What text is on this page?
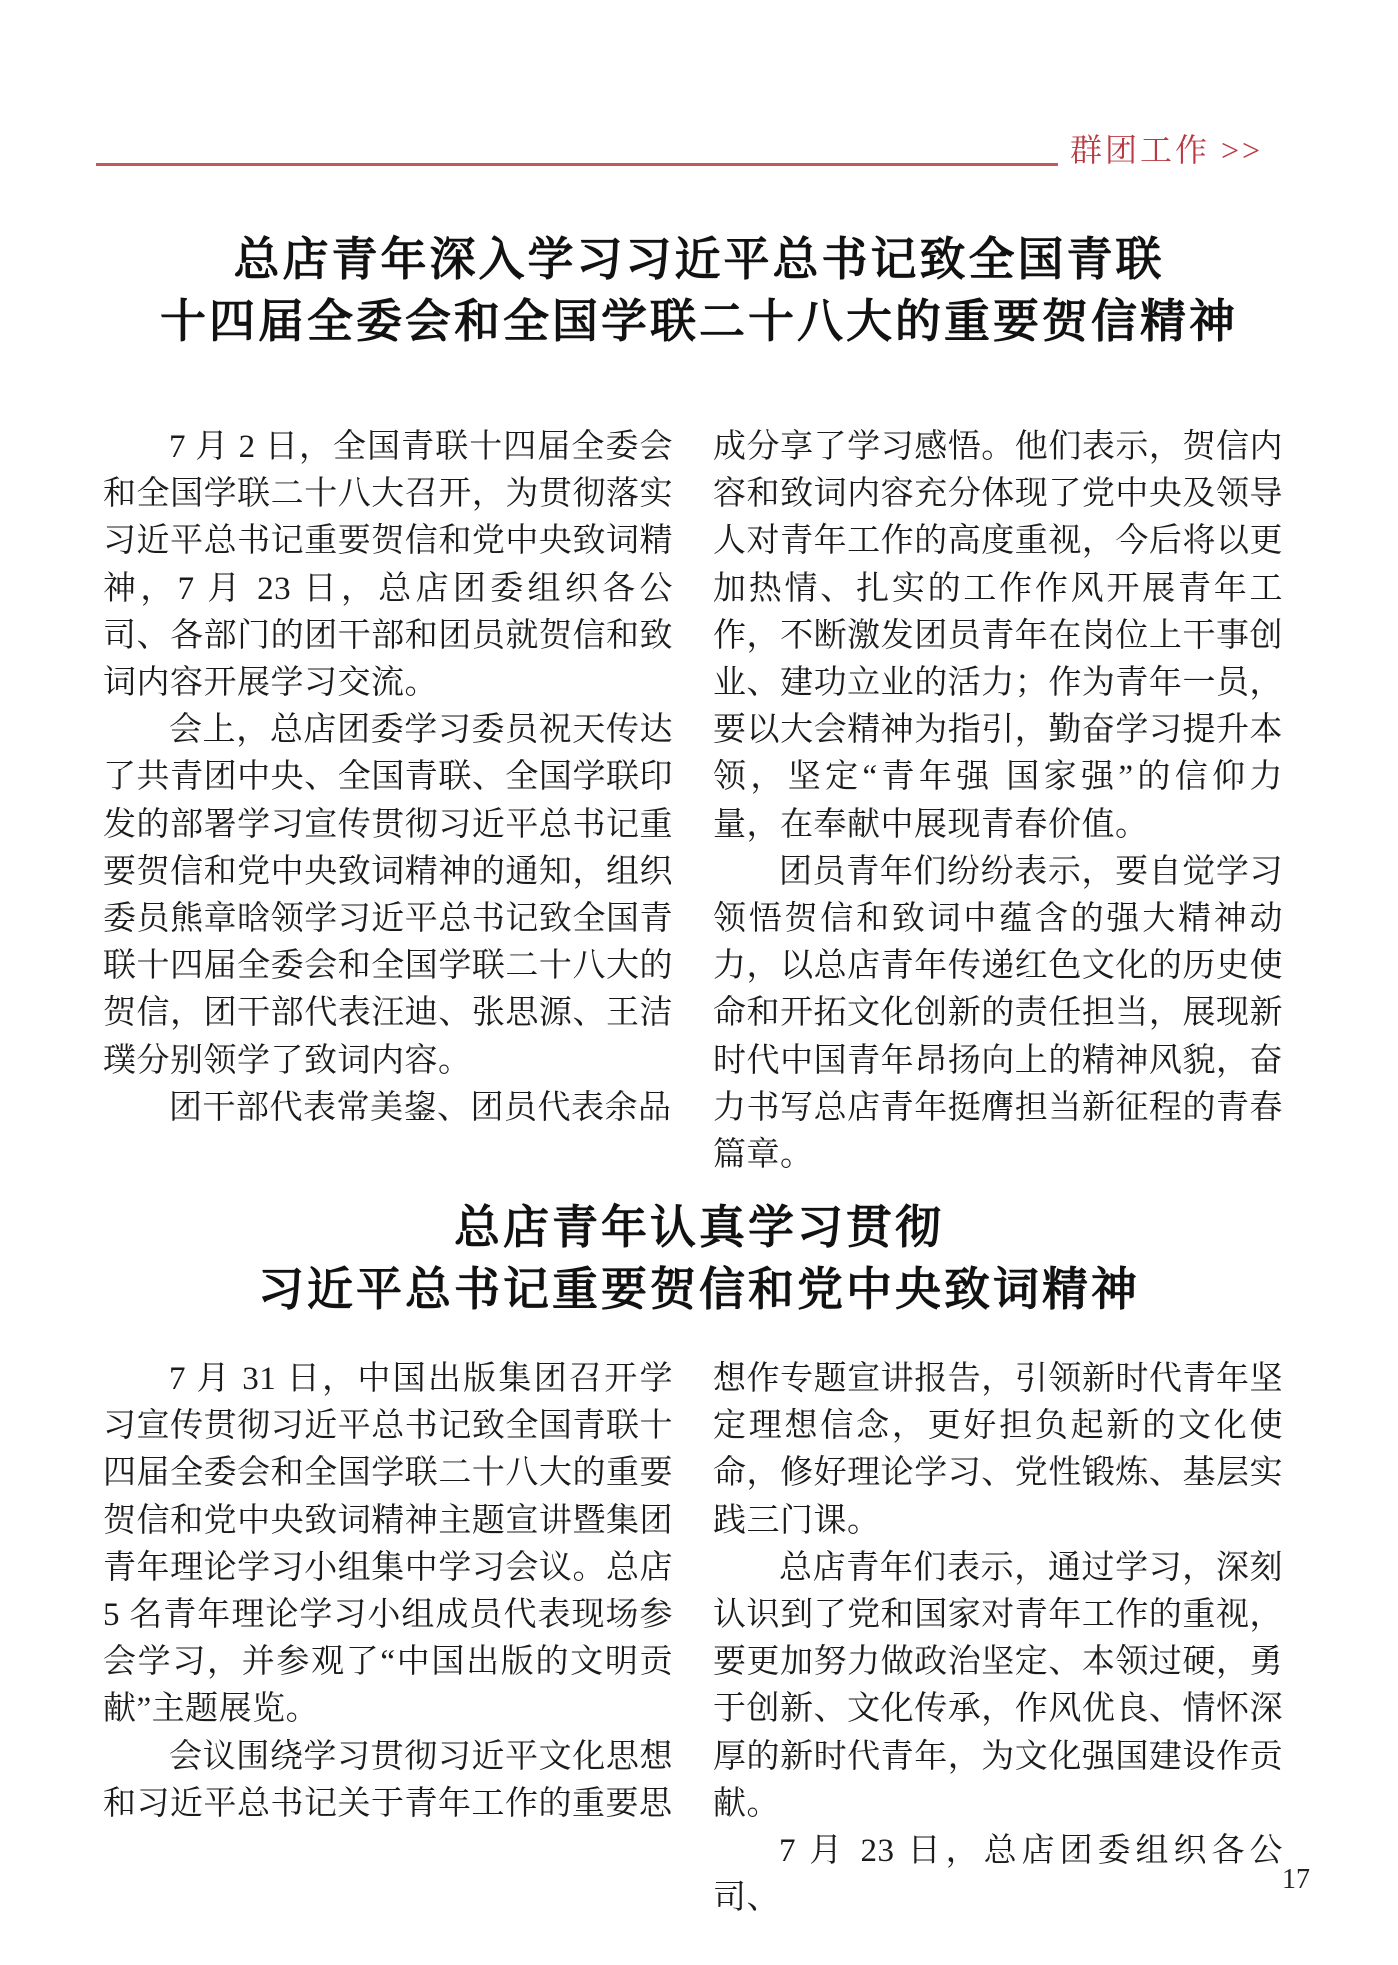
群团工作 >>
总店青年深入学习习近平总书记致全国青联
十四届全委会和全国学联二十八大的重要贺信精神

7 月 2 日，全国青联十四届全委会和全国学联二十八大召开，为贯彻落实习近平总书记重要贺信和党中央致词精神，7 月 23 日，总店团委组织各公司、各部门的团干部和团员就贺信和致词内容开展学习交流。

会上，总店团委学习委员祝天传达了共青团中央、全国青联、全国学联印发的部署学习宣传贯彻习近平总书记重要贺信和党中央致词精神的通知，组织委员熊章晗领学习近平总书记致全国青联十四届全委会和全国学联二十八大的贺信，团干部代表汪迪、张思源、王洁璞分别领学了致词内容。

团干部代表常美鋆、团员代表余品

成分享了学习感悟。他们表示，贺信内容和致词内容充分体现了党中央及领导人对青年工作的高度重视，今后将以更加热情、扎实的工作作风开展青年工作，不断激发团员青年在岗位上干事创业、建功立业的活力；作为青年一员，要以大会精神为指引，勤奋学习提升本领，坚定“青年强 国家强”的信仰力量，在奉献中展现青春价值。

团员青年们纷纷表示，要自觉学习领悟贺信和致词中蕴含的强大精神动力，以总店青年传递红色文化的历史使命和开拓文化创新的责任担当，展现新时代中国青年昂扬向上的精神风貌，奋力书写总店青年挺膺担当新征程的青春篇章。

总店青年认真学习贯彻
习近平总书记重要贺信和党中央致词精神

7 月 31 日，中国出版集团召开学习宣传贯彻习近平总书记致全国青联十四届全委会和全国学联二十八大的重要贺信和党中央致词精神主题宣讲暨集团青年理论学习小组集中学习会议。总店 5 名青年理论学习小组成员代表现场参会学习，并参观了“中国出版的文明贡献”主题展览。

会议围绕学习贯彻习近平文化思想和习近平总书记关于青年工作的重要思

想作专题宣讲报告，引领新时代青年坚定理想信念，更好担负起新的文化使命，修好理论学习、党性锻炼、基层实践三门课。

总店青年们表示，通过学习，深刻认识到了党和国家对青年工作的重视，要更加努力做政治坚定、本领过硬，勇于创新、文化传承，作风优良、情怀深厚的新时代青年，为文化强国建设作贡献。

7 月 23 日，总店团委组织各公司、

17
